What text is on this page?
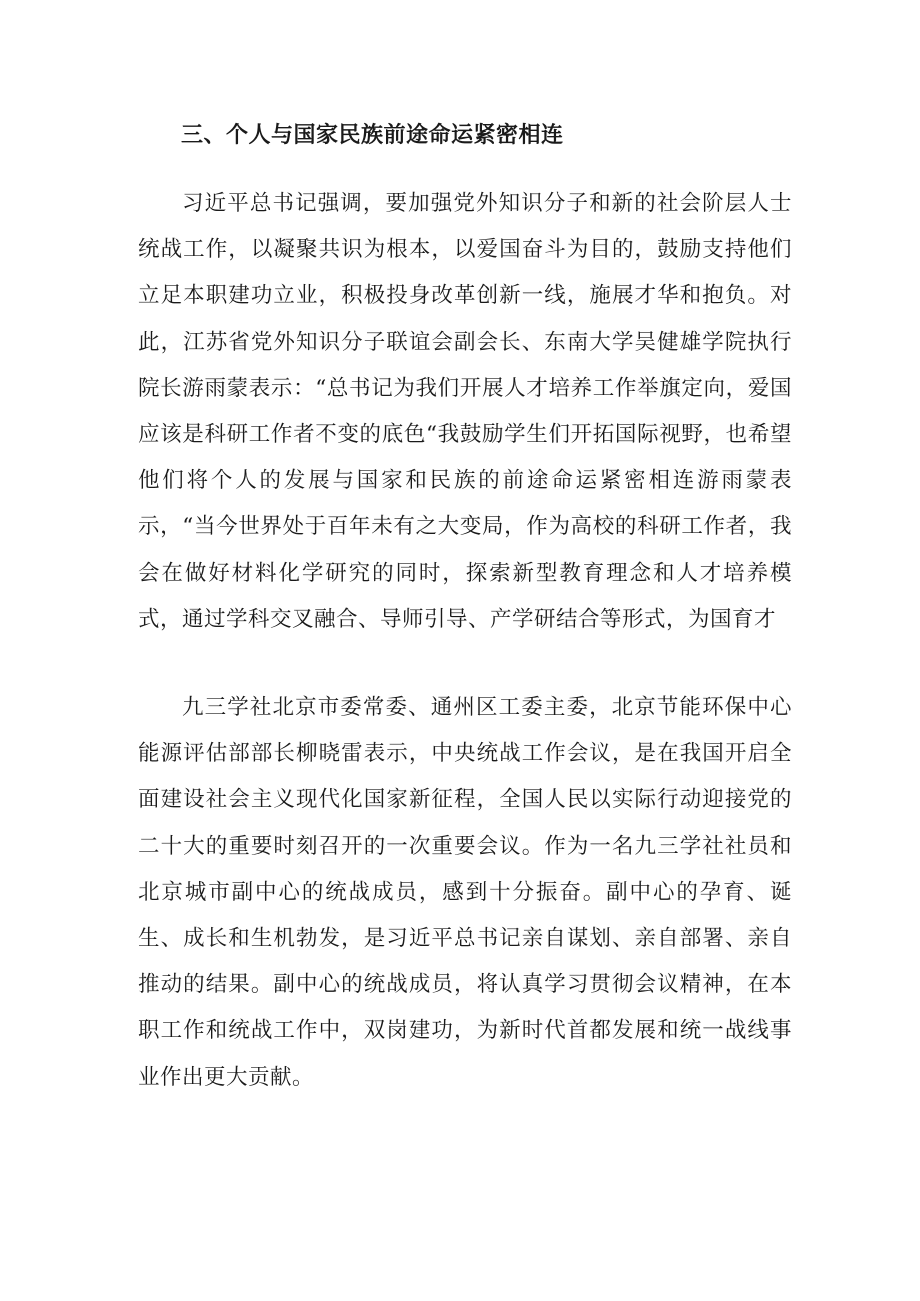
三、个人与国家民族前途命运紧密相连

习近平总书记强调，要加强党外知识分子和新的社会阶层人士统战工作，以凝聚共识为根本，以爱国奋斗为目的，鼓励支持他们立足本职建功立业，积极投身改革创新一线，施展才华和抱负。对此，江苏省党外知识分子联谊会副会长、东南大学吴健雄学院执行院长游雨蒙表示：“总书记为我们开展人才培养工作举旗定向，爱国应该是科研工作者不变的底色“我鼓励学生们开拓国际视野，也希望他们将个人的发展与国家和民族的前途命运紧密相连游雨蒙表示，“当今世界处于百年未有之大变局，作为高校的科研工作者，我会在做好材料化学研究的同时，探索新型教育理念和人才培养模式，通过学科交叉融合、导师引导、产学研结合等形式，为国育才

九三学社北京市委常委、通州区工委主委，北京节能环保中心能源评估部部长柳晓雷表示，中央统战工作会议，是在我国开启全面建设社会主义现代化国家新征程，全国人民以实际行动迎接党的二十大的重要时刻召开的一次重要会议。作为一名九三学社社员和北京城市副中心的统战成员，感到十分振奋。副中心的孕育、诞生、成长和生机勃发，是习近平总书记亲自谋划、亲自部署、亲自推动的结果。副中心的统战成员，将认真学习贯彻会议精神，在本职工作和统战工作中，双岗建功，为新时代首都发展和统一战线事业作出更大贡献。
